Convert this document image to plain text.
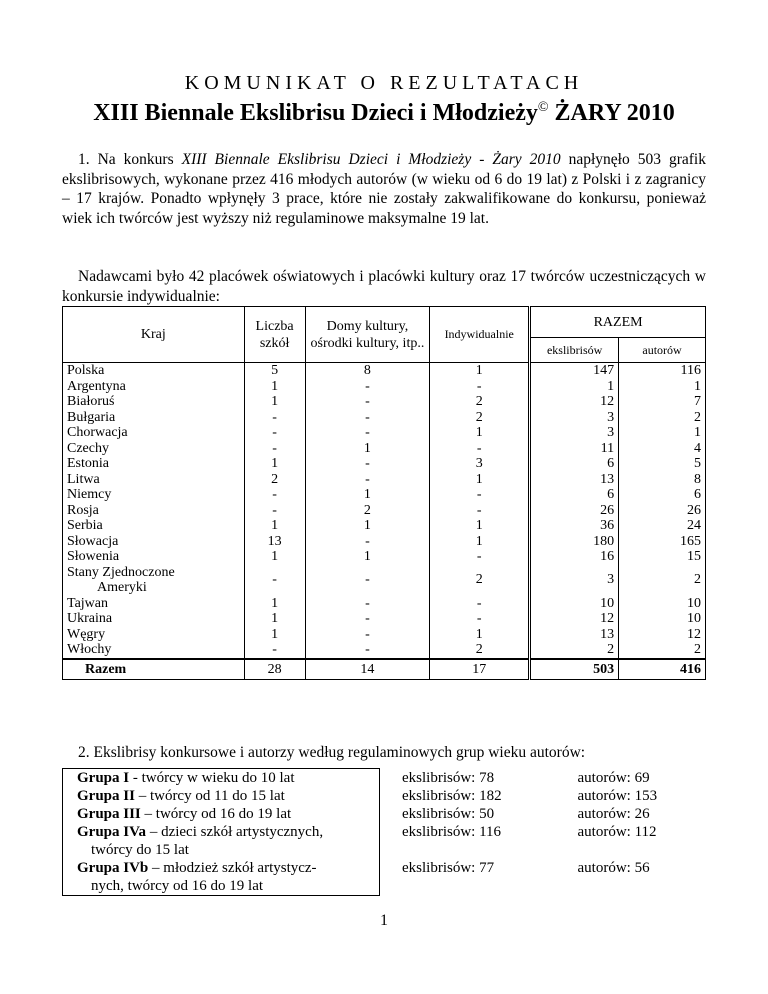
KOMUNIKAT O REZULTATACH
XIII Biennale Ekslibrisu Dzieci i Młodzieży© ŻARY 2010
1. Na konkurs XIII Biennale Ekslibrisu Dzieci i Młodzieży - Żary 2010 napłynęło 503 grafik ekslibrisowych, wykonane przez 416 młodych autorów (w wieku od 6 do 19 lat) z Polski i z zagranicy – 17 krajów. Ponadto wpłynęły 3 prace, które nie zostały zakwalifikowane do konkursu, ponieważ wiek ich twórców jest wyższy niż regulaminowe maksymalne 19 lat.
Nadawcami było 42 placówek oświatowych i placówki kultury oraz 17 twórców uczestniczących w konkursie indywidualnie:
Kraj	Liczba szkół	Domy kultury, ośrodki kultury, itp..	Indywidualnie	RAZEM	
				ekslibrisów	autorów
Polska	5	8	1	147	116
Argentyna	1	-	-	1	1
Białoruś	1	-	2	12	7
Bułgaria	-	-	2	3	2
Chorwacja	-	-	1	3	1
Czechy	-	1	-	11	4
Estonia	1	-	3	6	5
Litwa	2	-	1	13	8
Niemcy	-	1	-	6	6
Rosja	-	2	-	26	26
Serbia	1	1	1	36	24
Słowacja	13	-	1	180	165
Słowenia	1	1	-	16	15

Stany Zjednoczone
Ameryki	-	-	2	3	2
Tajwan	1	-	-	10	10
Ukraina	1	-	-	12	10
Węgry	1	-	1	13	12
Włochy	-	-	2	2	2
Razem	28	14	17	503	416
2. Ekslibrisy konkursowe i autorzy według regulaminowych grup wieku autorów:
Grupa I - twórcy w wieku do 10 lat	ekslibrisów: 78	autorów: 69
Grupa II – twórcy od 11 do 15 lat	ekslibrisów: 182	autorów: 153
Grupa III – twórcy od 16 do 19 lat	ekslibrisów: 50	autorów: 26
Grupa IVa – dzieci szkół artystycznych,
twórcy do 15 lat	ekslibrisów: 116	autorów: 112
Grupa IVb – młodzież szkół artystycz-
nych, twórcy od 16 do 19 lat	ekslibrisów: 77	autorów: 56
1
